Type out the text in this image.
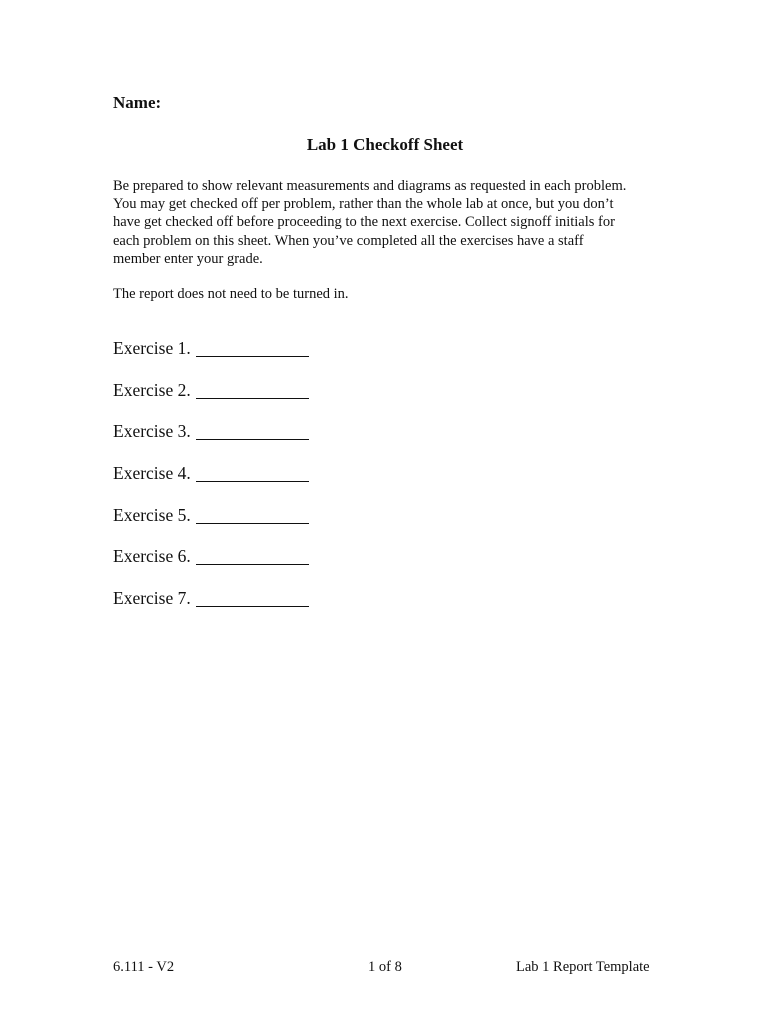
Name:
Lab 1 Checkoff Sheet
Be prepared to show relevant measurements and diagrams as requested in each problem.
You may get checked off per problem, rather than the whole lab at once, but you don’t
have get checked off before proceeding to the next exercise. Collect signoff initials for
each problem on this sheet. When you’ve completed all the exercises have a staff
member enter your grade.
The report does not need to be turned in.
Exercise 1.
Exercise 2.
Exercise 3.
Exercise 4.
Exercise 5.
Exercise 6.
Exercise 7.
6.111 - V2	1 of 8	Lab 1 Report Template
